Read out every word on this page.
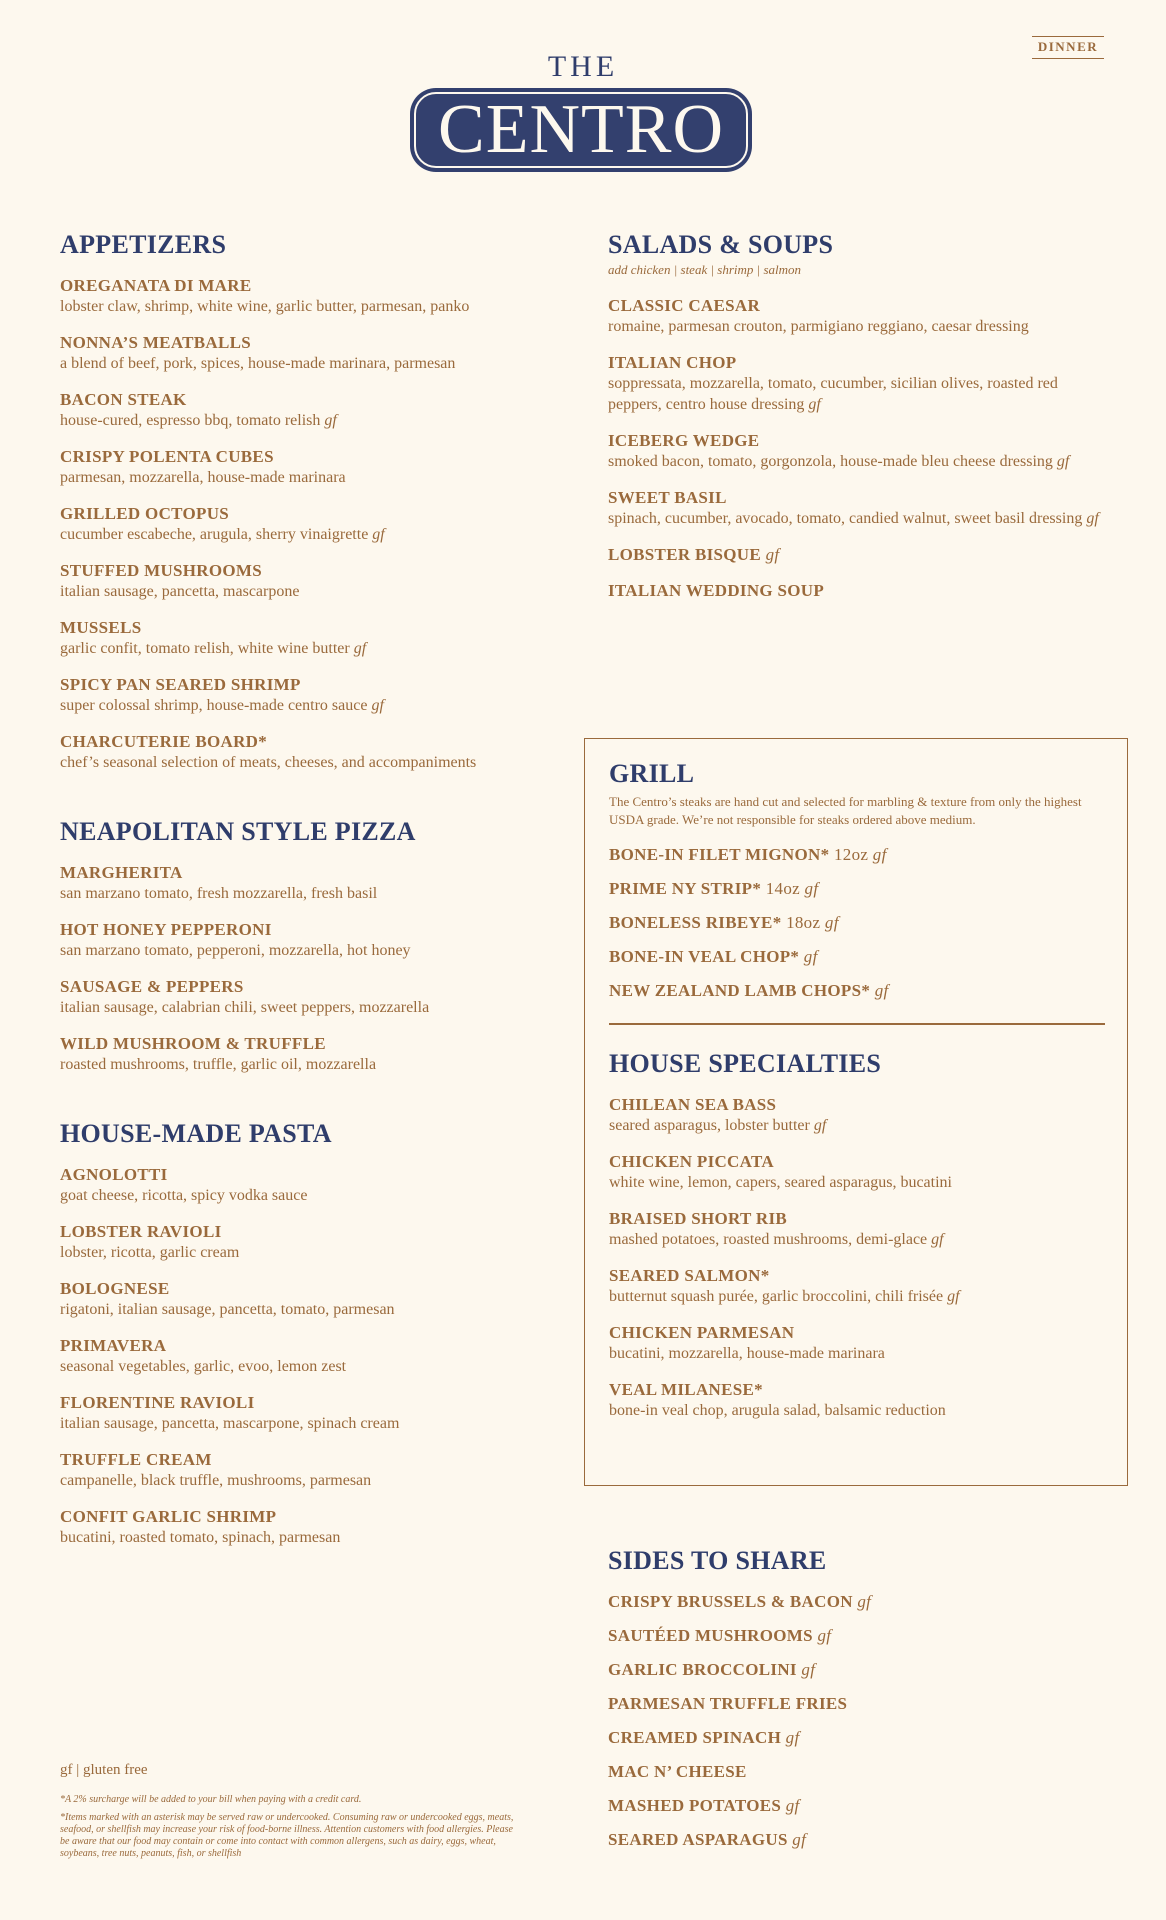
DINNER
THE
CENTRO
APPETIZERS
OREGANATA DI MARE
lobster claw, shrimp, white wine, garlic butter, parmesan, panko
NONNA’S MEATBALLS
a blend of beef, pork, spices, house-made marinara, parmesan
BACON STEAK
house-cured, espresso bbq, tomato relish gf
CRISPY POLENTA CUBES
parmesan, mozzarella, house-made marinara
GRILLED OCTOPUS
cucumber escabeche, arugula, sherry vinaigrette gf
STUFFED MUSHROOMS
italian sausage, pancetta, mascarpone
MUSSELS
garlic confit, tomato relish, white wine butter gf
SPICY PAN SEARED SHRIMP
super colossal shrimp, house-made centro sauce gf
CHARCUTERIE BOARD*
chef’s seasonal selection of meats, cheeses, and accompaniments
NEAPOLITAN STYLE PIZZA
MARGHERITA
san marzano tomato, fresh mozzarella, fresh basil
HOT HONEY PEPPERONI
san marzano tomato, pepperoni, mozzarella, hot honey
SAUSAGE & PEPPERS
italian sausage, calabrian chili, sweet peppers, mozzarella
WILD MUSHROOM & TRUFFLE
roasted mushrooms, truffle, garlic oil, mozzarella
HOUSE-MADE PASTA
AGNOLOTTI
goat cheese, ricotta, spicy vodka sauce
LOBSTER RAVIOLI
lobster, ricotta, garlic cream
BOLOGNESE
rigatoni, italian sausage, pancetta, tomato, parmesan
PRIMAVERA
seasonal vegetables, garlic, evoo, lemon zest
FLORENTINE RAVIOLI
italian sausage, pancetta, mascarpone, spinach cream
TRUFFLE CREAM
campanelle, black truffle, mushrooms, parmesan
CONFIT GARLIC SHRIMP
bucatini, roasted tomato, spinach, parmesan
SALADS & SOUPS
add chicken | steak | shrimp | salmon
CLASSIC CAESAR
romaine, parmesan crouton, parmigiano reggiano, caesar dressing
ITALIAN CHOP
soppressata, mozzarella, tomato, cucumber, sicilian olives, roasted red peppers, centro house dressing gf
ICEBERG WEDGE
smoked bacon, tomato, gorgonzola, house-made bleu cheese dressing gf
SWEET BASIL
spinach, cucumber, avocado, tomato, candied walnut, sweet basil dressing gf
LOBSTER BISQUE gf
ITALIAN WEDDING SOUP
GRILL
The Centro’s steaks are hand cut and selected for marbling & texture from only the highest USDA grade. We’re not responsible for steaks ordered above medium.
BONE-IN FILET MIGNON* 12oz gf
PRIME NY STRIP* 14oz gf
BONELESS RIBEYE* 18oz gf
BONE-IN VEAL CHOP* gf
NEW ZEALAND LAMB CHOPS* gf
HOUSE SPECIALTIES
CHILEAN SEA BASS
seared asparagus, lobster butter gf
CHICKEN PICCATA
white wine, lemon, capers, seared asparagus, bucatini
BRAISED SHORT RIB
mashed potatoes, roasted mushrooms, demi-glace gf
SEARED SALMON*
butternut squash purée, garlic broccolini, chili frisée gf
CHICKEN PARMESAN
bucatini, mozzarella, house-made marinara
VEAL MILANESE*
bone-in veal chop, arugula salad, balsamic reduction
SIDES TO SHARE
CRISPY BRUSSELS & BACON gf
SAUTÉED MUSHROOMS gf
GARLIC BROCCOLINI gf
PARMESAN TRUFFLE FRIES
CREAMED SPINACH gf
MAC N’ CHEESE
MASHED POTATOES gf
SEARED ASPARAGUS gf
gf | gluten free
*A 2% surcharge will be added to your bill when paying with a credit card.
*Items marked with an asterisk may be served raw or undercooked. Consuming raw or undercooked eggs, meats, seafood, or shellfish may increase your risk of food-borne illness. Attention customers with food allergies. Please be aware that our food may contain or come into contact with common allergens, such as dairy, eggs, wheat, soybeans, tree nuts, peanuts, fish, or shellfish
